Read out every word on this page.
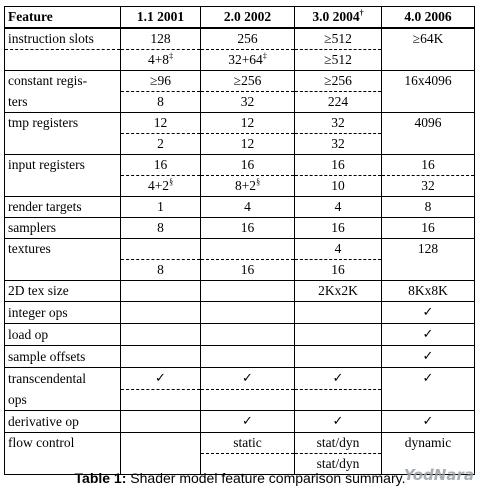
Feature	1.1 2001	2.0 2002	3.0 2004†	4.0 2006
instruction slots	128	256	≥512	≥64K
	4+8‡	32+64‡	≥512	
constant regis-	≥96	≥256	≥256	16x4096
ters	8	32	224	
tmp registers	12	12	32	4096
	2	12	32	
input registers	16	16	16	16
	4+2§	8+2§	10	32
render targets	1	4	4	8
samplers	8	16	16	16
textures			4	128
	8	16	16	
2D tex size			2Kx2K	8Kx8K
integer ops				✓
load op				✓
sample offsets				✓
transcendental	✓	✓	✓	✓
ops				
derivative op		✓	✓	✓
flow control		static	stat/dyn	dynamic
			stat/dyn	
Table 1: Shader model feature comparison summary.
YodNara
